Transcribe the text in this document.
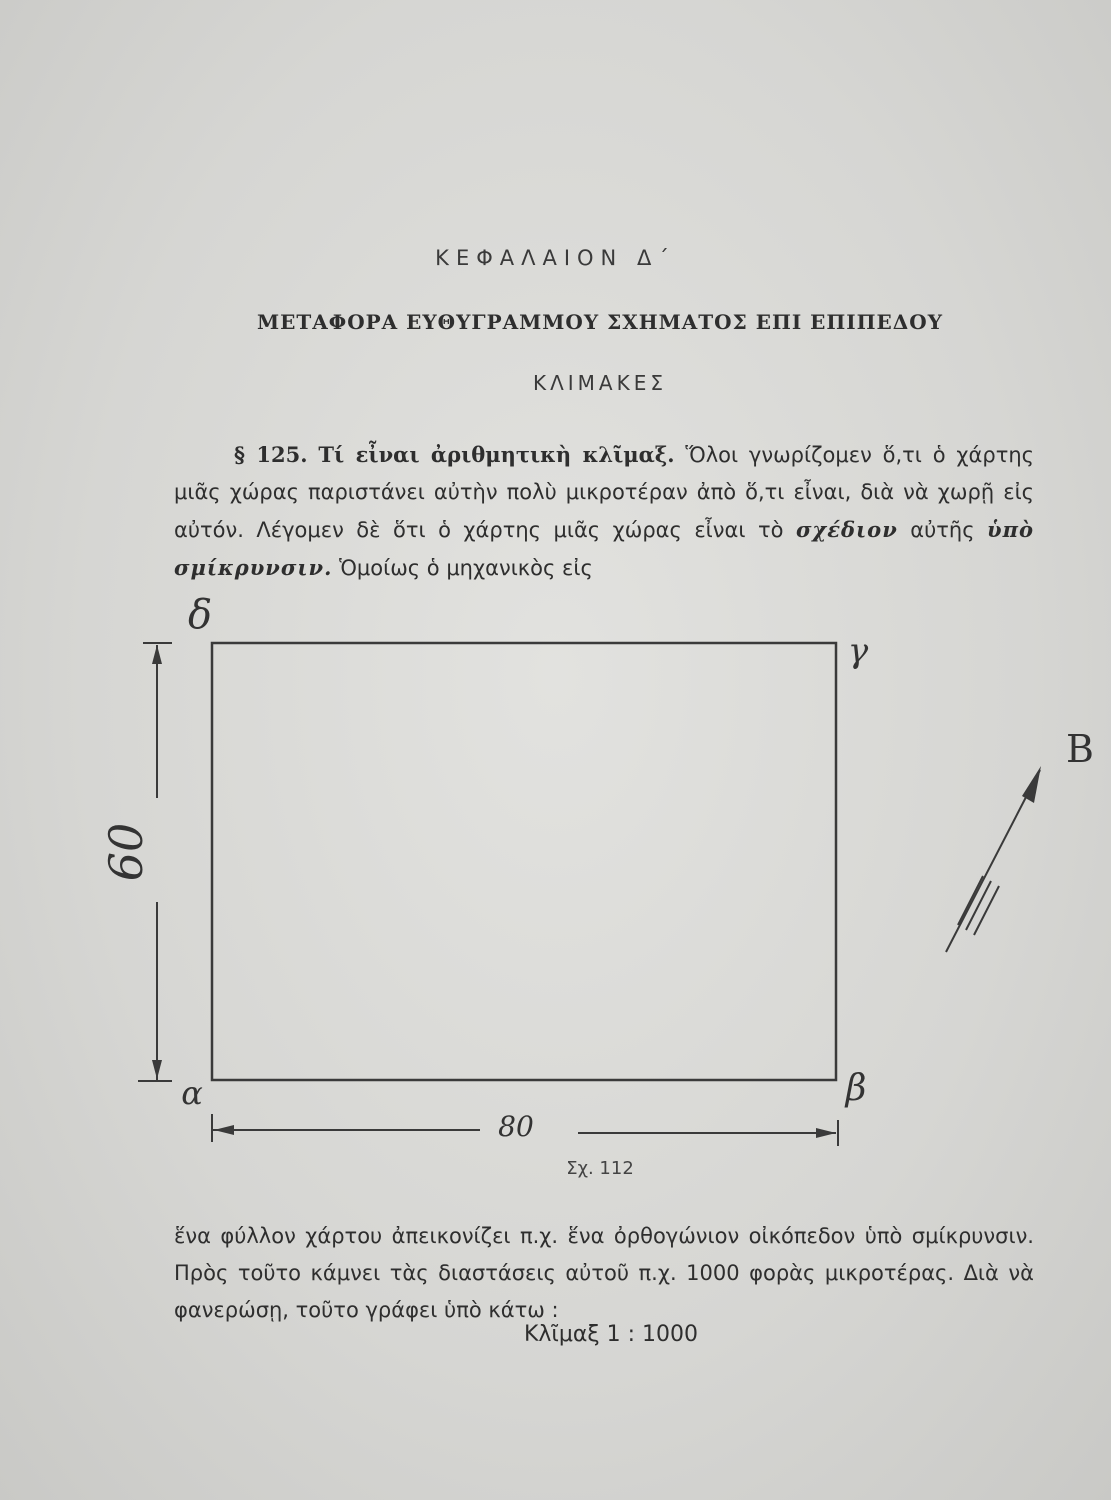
ΚΕΦΑΛΑΙΟΝ Δ΄
ΜΕΤΑΦΟΡΑ ΕΥΘΥΓΡΑΜΜΟΥ ΣΧΗΜΑΤΟΣ ΕΠΙ ΕΠΙΠΕΔΟΥ
ΚΛΙΜΑΚΕΣ
§ 125. Τί εἶναι ἀριθμητικὴ κλῖμαξ. Ὅλοι γνωρίζομεν ὅ,τι ὁ χάρτης μιᾶς χώρας παριστάνει αὐτὴν πολὺ μικροτέραν ἀπὸ ὅ,τι εἶναι, διὰ νὰ χωρῇ εἰς αὐτόν. Λέγομεν δὲ ὅτι ὁ χάρτης μιᾶς χώρας εἶναι τὸ σχέδιον αὐτῆς ὑπὸ σμίκρυνσιν. Ὁμοίως ὁ μηχανικὸς εἰς
60
80
δ
γ
α	β
B
Σχ. 112
ἕνα φύλλον χάρτου ἀπεικονίζει π.χ. ἕνα ὀρθογώνιον οἰκόπεδον ὑπὸ σμίκρυνσιν. Πρὸς τοῦτο κάμνει τὰς διαστάσεις αὐτοῦ π.χ. 1000 φορὰς μικροτέρας. Διὰ νὰ φανερώσῃ, τοῦτο γράφει ὑπὸ κάτω :
Κλῖμαξ 1 : 1000
